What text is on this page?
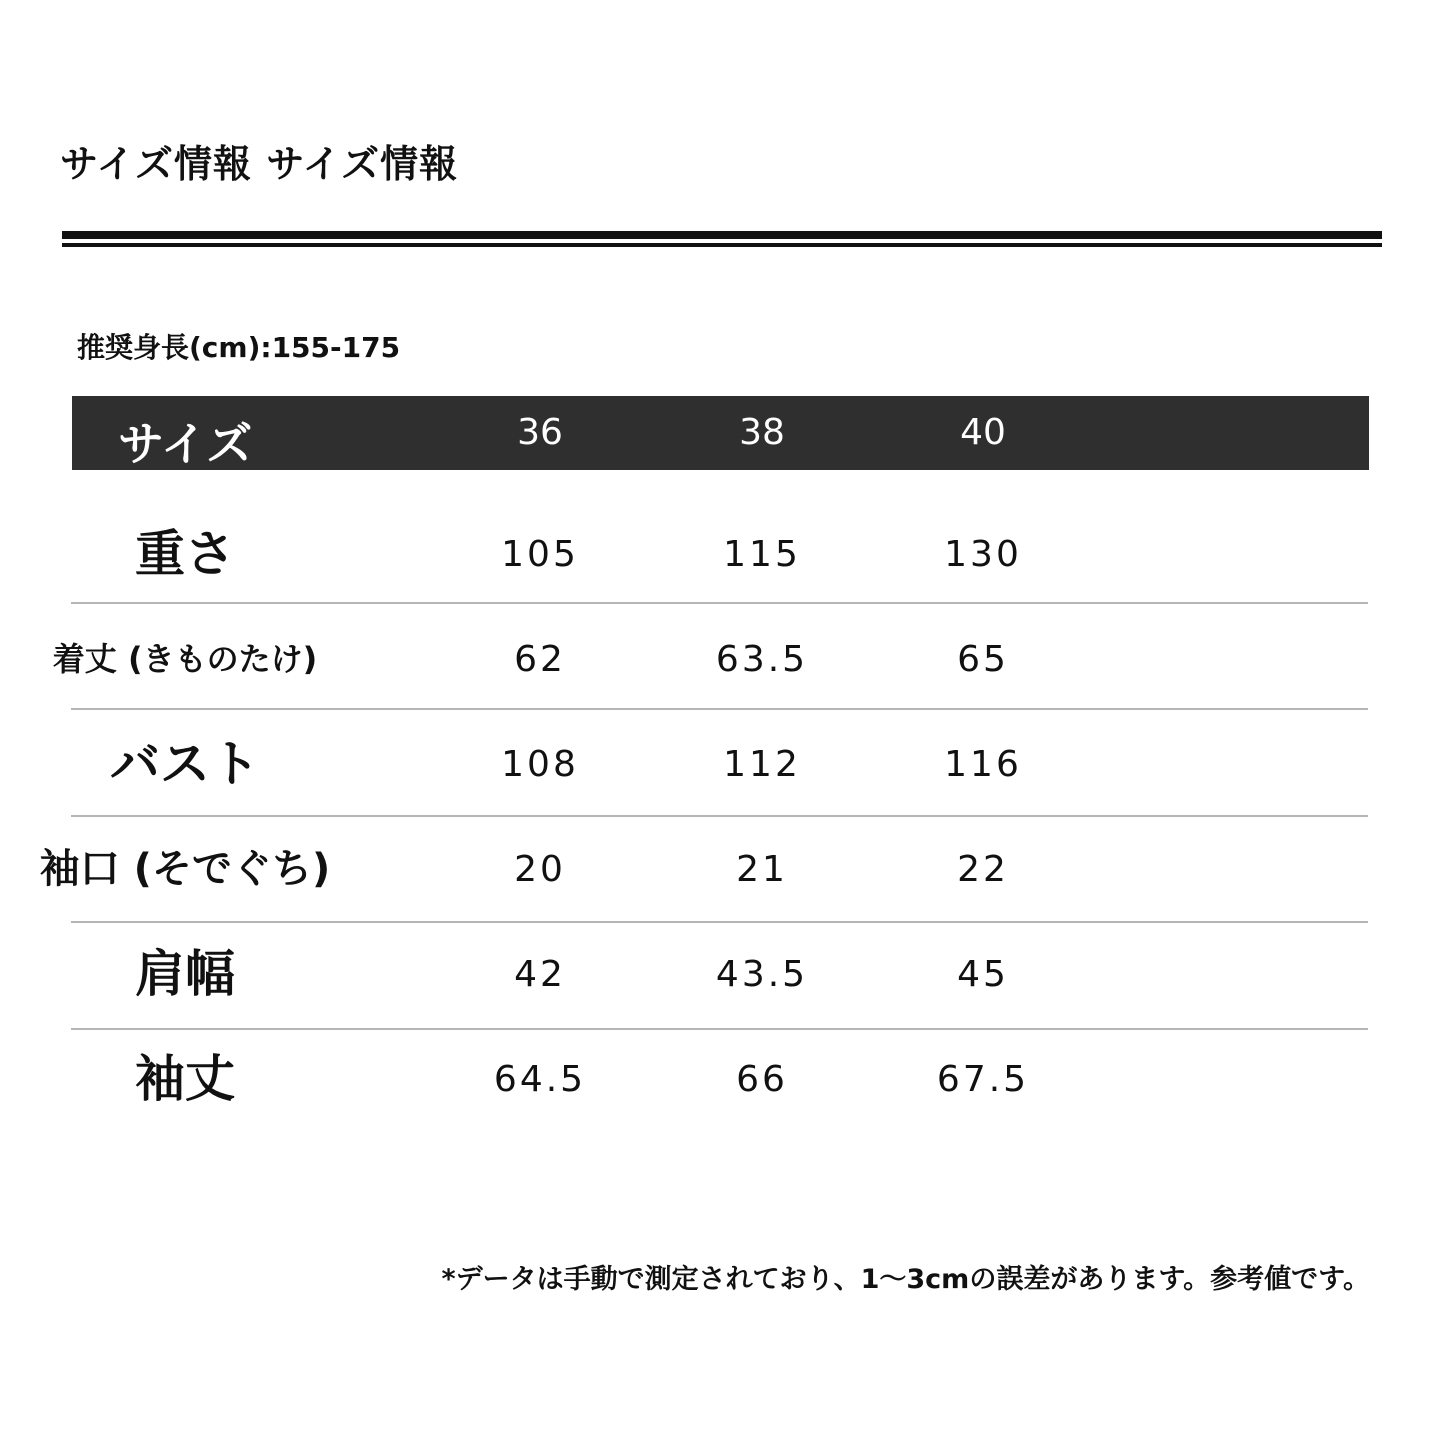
サイズ情報 サイズ情報
推奨身長(cm):155-175
サイズ	36	38	40
重さ	105	115	130
着丈 (きものたけ)	62	63.5	65
バスト	108	112	116
袖口 (そでぐち)	20	21	22
肩幅	42	43.5	45
袖丈	64.5	66	67.5
*データは手動で測定されており、1～3cmの誤差があります。参考値です。
